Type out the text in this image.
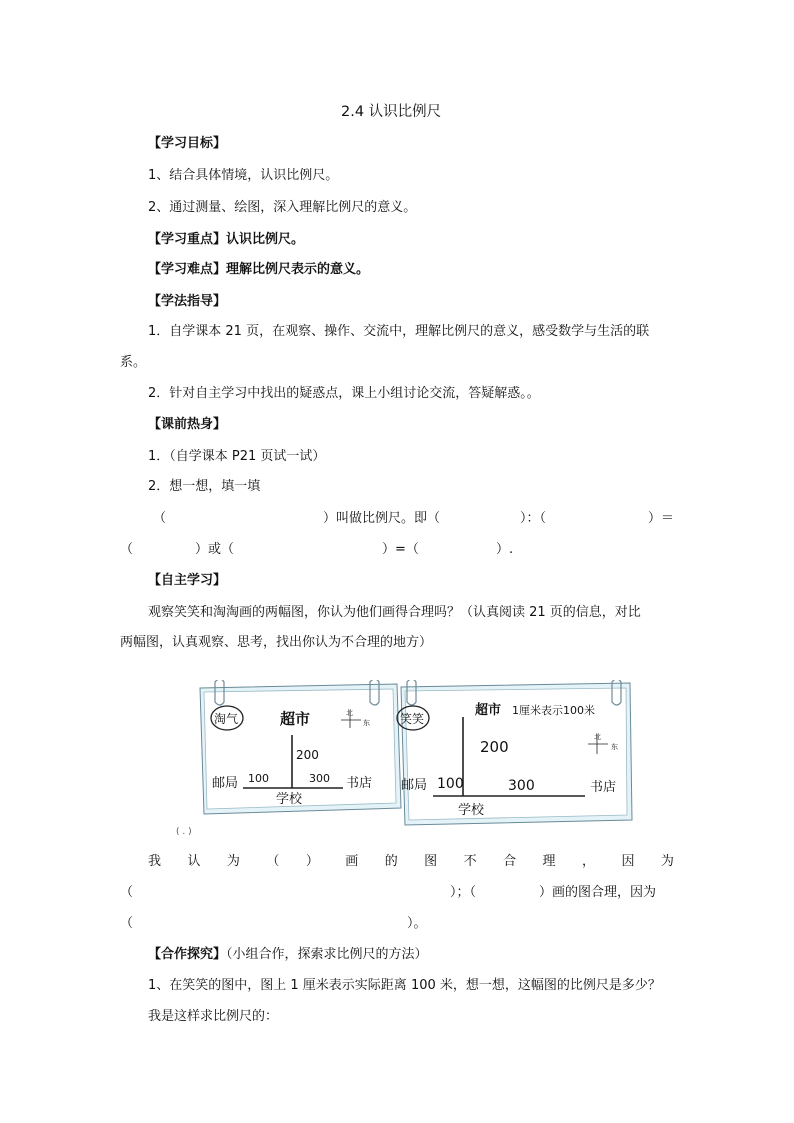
2.4 认识比例尺
【学习目标】
1、结合具体情境，认识比例尺。
2、通过测量、绘图，深入理解比例尺的意义。
【学习重点】认识比例尺。
【学习难点】理解比例尺表示的意义。
【学法指导】
1．自学课本 21 页，在观察、操作、交流中，理解比例尺的意义，感受数学与生活的联
系。
2．针对自主学习中找出的疑惑点，课上小组讨论交流，答疑解惑。。
【课前热身】
1．（自学课本 P21 页试一试）
2．想一想，填一填
（	）叫做比例尺。即（	）：（	）＝
（	）或（	）=（	）.
【自主学习】
观察笑笑和淘淘画的两幅图，你认为他们画得合理吗？（认真阅读 21 页的信息，对比
两幅图，认真观察、思考，找出你认为不合理的地方）
淘气	超市	北
东
200
100	300
邮局	书店
学校
笑笑
超市 1厘米表示100米
北
东
200
100	300
邮局	书店
学校
( . )
我 认 为 （ ） 画 的 图 不 合 理 ， 因 为
（	）；（	）画的图合理，因为
（	）。
【合作探究】（小组合作，探索求比例尺的方法）
1、在笑笑的图中，图上 1 厘米表示实际距离 100 米，想一想，这幅图的比例尺是多少？
我是这样求比例尺的：
